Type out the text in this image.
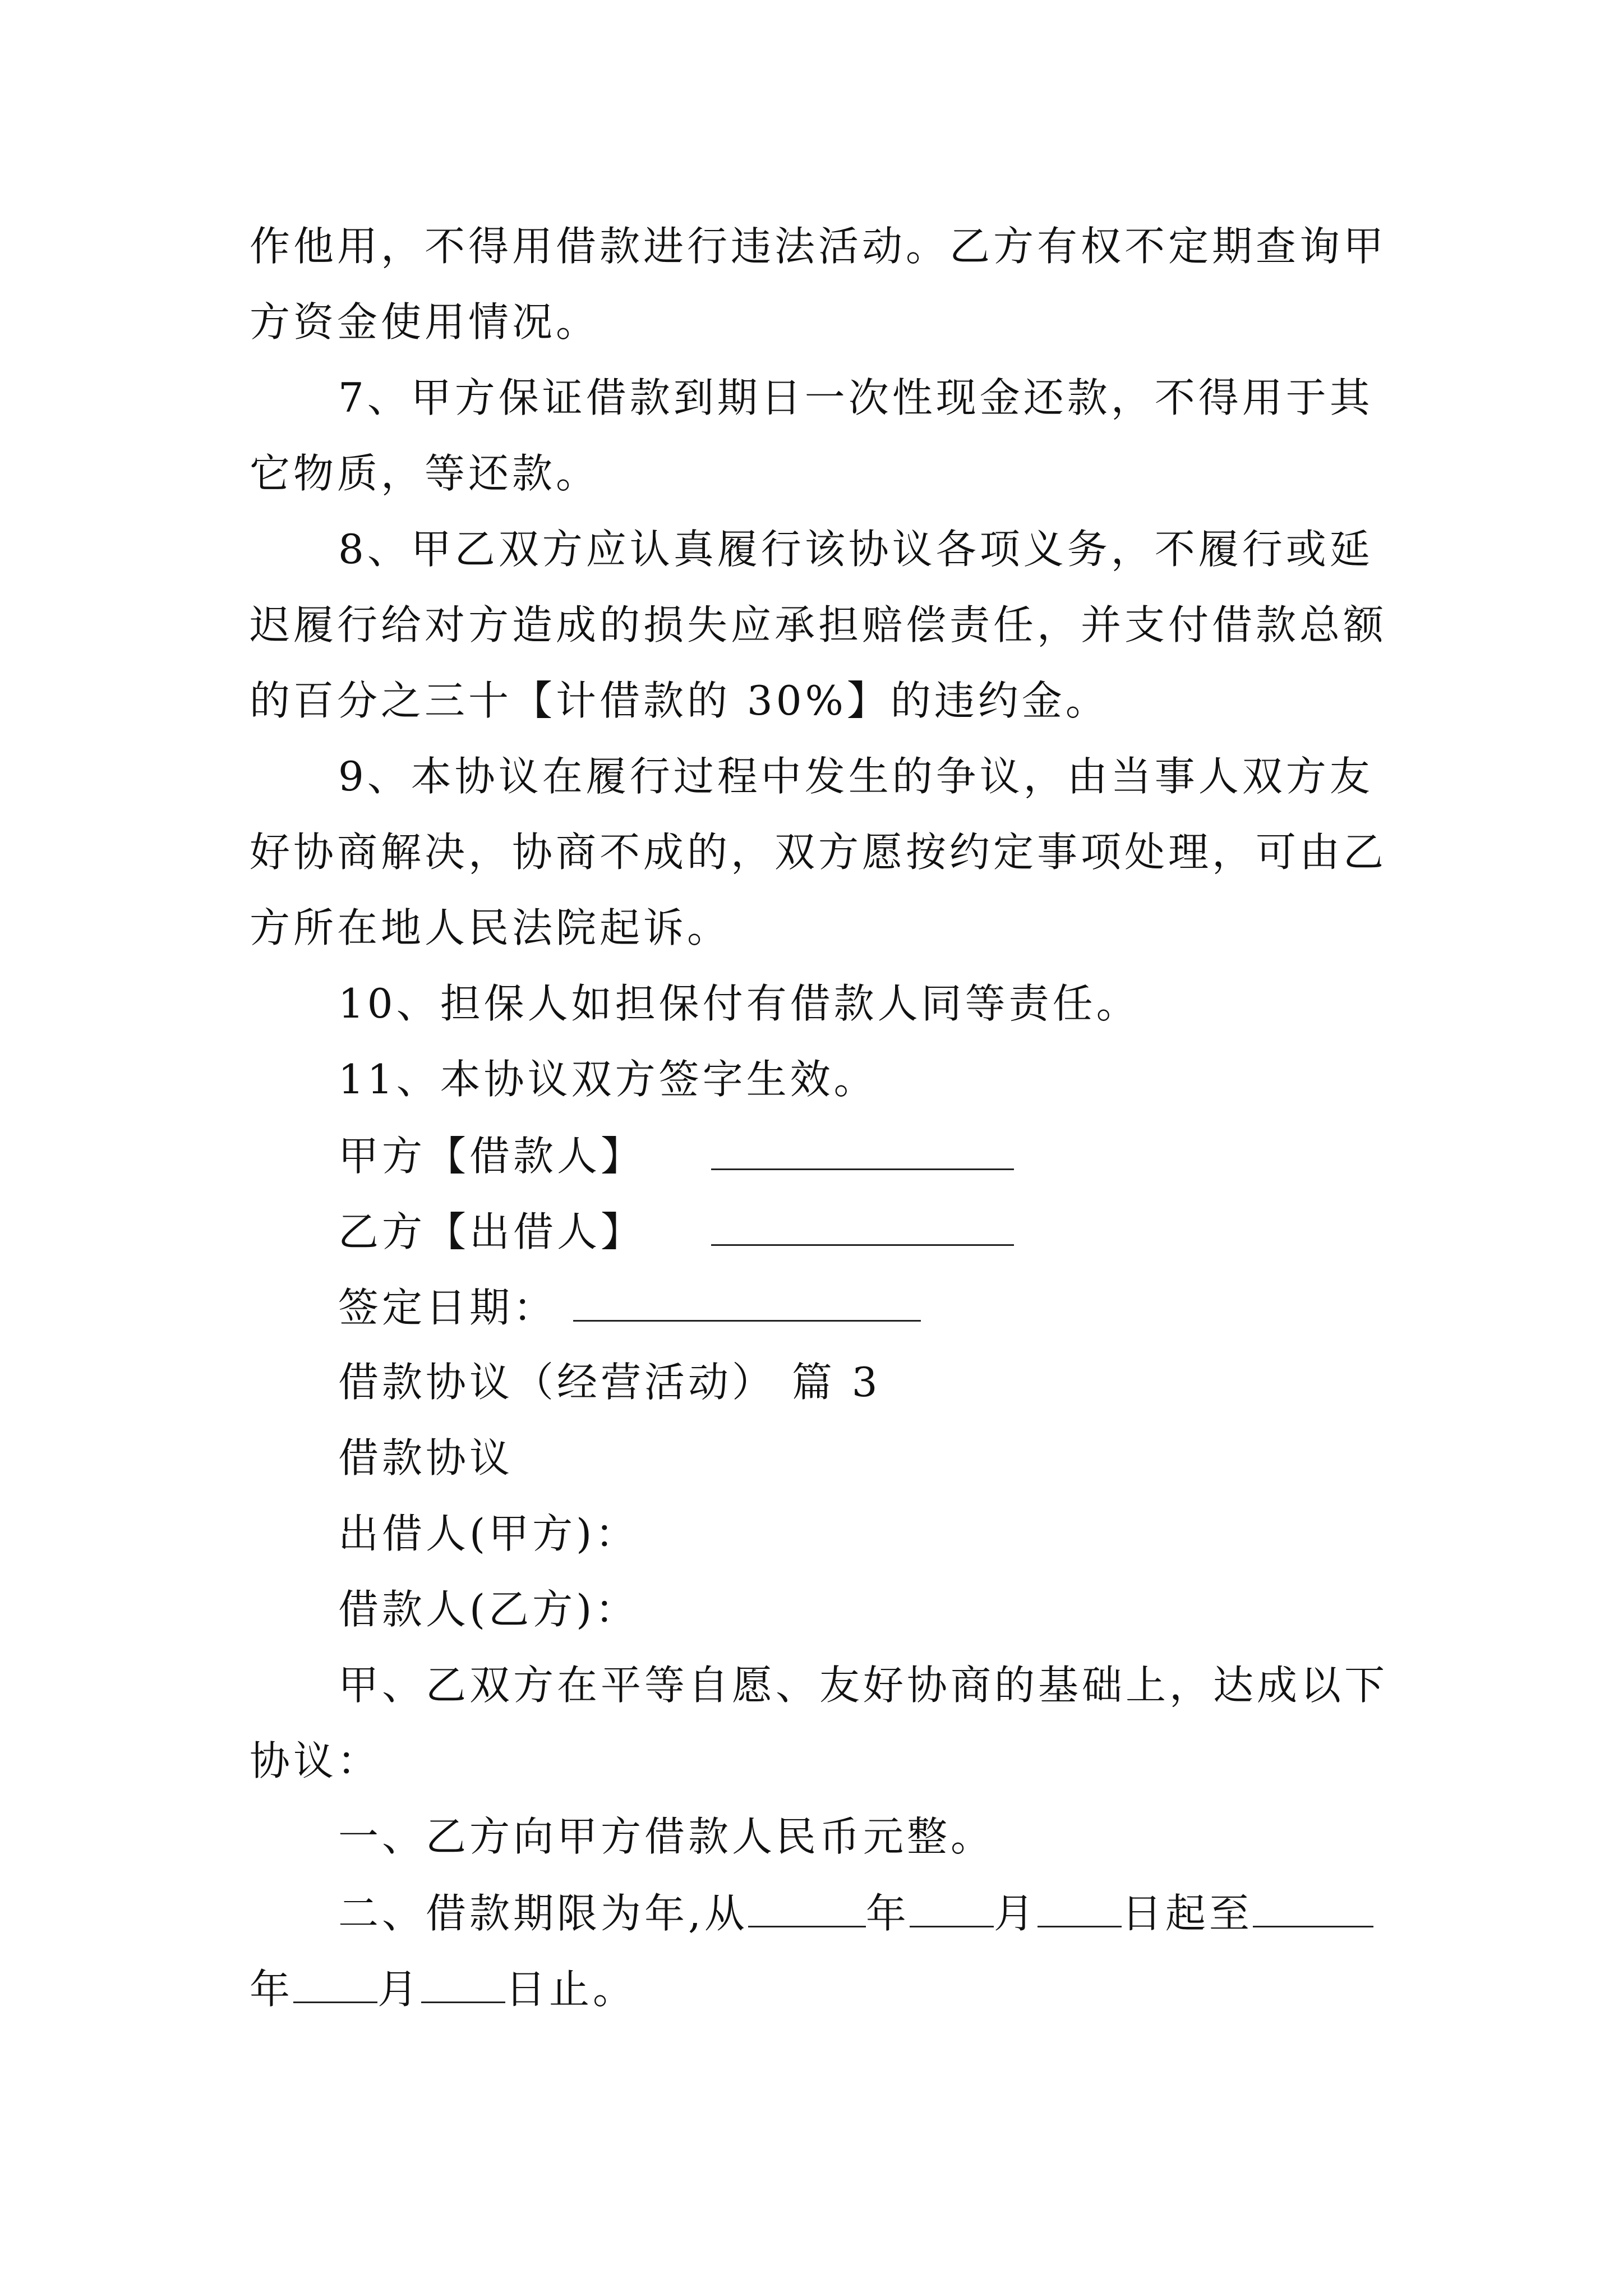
作他用，不得用借款进行违法活动。乙方有权不定期查询甲
方资金使用情况。
7、甲方保证借款到期日一次性现金还款，不得用于其
它物质，等还款。
8、甲乙双方应认真履行该协议各项义务，不履行或延
迟履行给对方造成的损失应承担赔偿责任，并支付借款总额
的百分之三十【计借款的 30%】的违约金。
9、本协议在履行过程中发生的争议，由当事人双方友
好协商解决，协商不成的，双方愿按约定事项处理，可由乙
方所在地人民法院起诉。
10、担保人如担保付有借款人同等责任。
11、本协议双方签字生效。
甲方【借款人】
乙方【出借人】
签定日期：
借款协议（经营活动） 篇 3
借款协议
出借人(甲方)：
借款人(乙方)：
甲、乙双方在平等自愿、友好协商的基础上，达成以下
协议：
一、乙方向甲方借款人民币元整。
二、借款期限为年,从	年 月 日起至
年 月 日止。
